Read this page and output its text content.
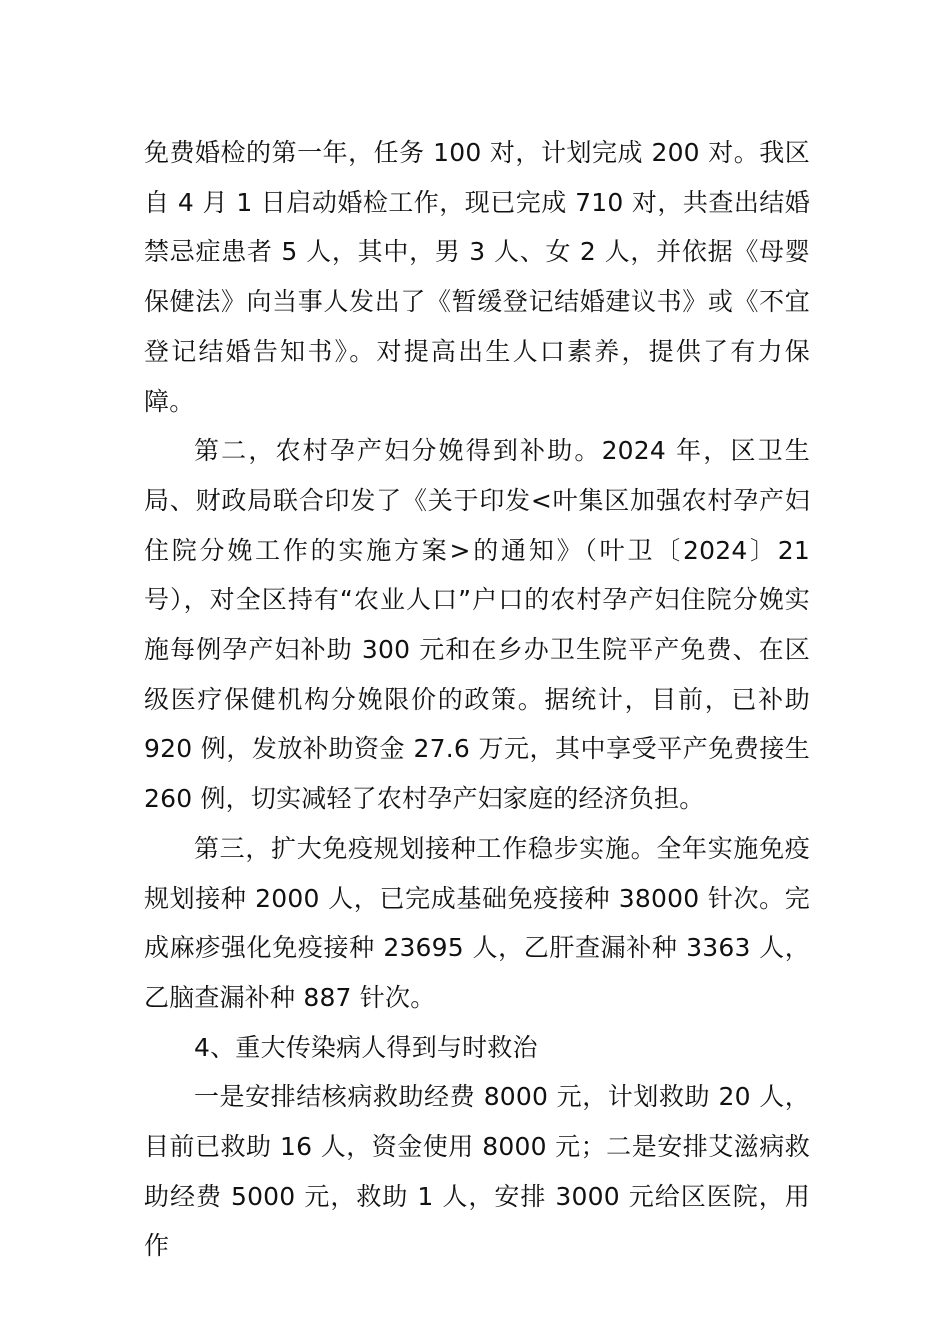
免费婚检的第一年，任务 100 对，计划完成 200 对。我区自 4 月 1 日启动婚检工作，现已完成 710 对，共查出结婚禁忌症患者 5 人，其中，男 3 人、女 2 人，并依据《母婴保健法》向当事人发出了《暂缓登记结婚建议书》或《不宜登记结婚告知书》。对提高出生人口素养，提供了有力保障。

第二，农村孕产妇分娩得到补助。2024 年，区卫生局、财政局联合印发了《关于印发<叶集区加强农村孕产妇住院分娩工作的实施方案>的通知》（叶卫〔2024〕21 号），对全区持有“农业人口”户口的农村孕产妇住院分娩实施每例孕产妇补助 300 元和在乡办卫生院平产免费、在区级医疗保健机构分娩限价的政策。据统计，目前，已补助 920 例，发放补助资金 27.6 万元，其中享受平产免费接生 260 例，切实减轻了农村孕产妇家庭的经济负担。

第三，扩大免疫规划接种工作稳步实施。全年实施免疫规划接种 2000 人，已完成基础免疫接种 38000 针次。完成麻疹强化免疫接种 23695 人，乙肝查漏补种 3363 人，乙脑查漏补种 887 针次。

4、重大传染病人得到与时救治

一是安排结核病救助经费 8000 元，计划救助 20 人，目前已救助 16 人，资金使用 8000 元；二是安排艾滋病救助经费 5000 元，救助 1 人，安排 3000 元给区医院，用作
